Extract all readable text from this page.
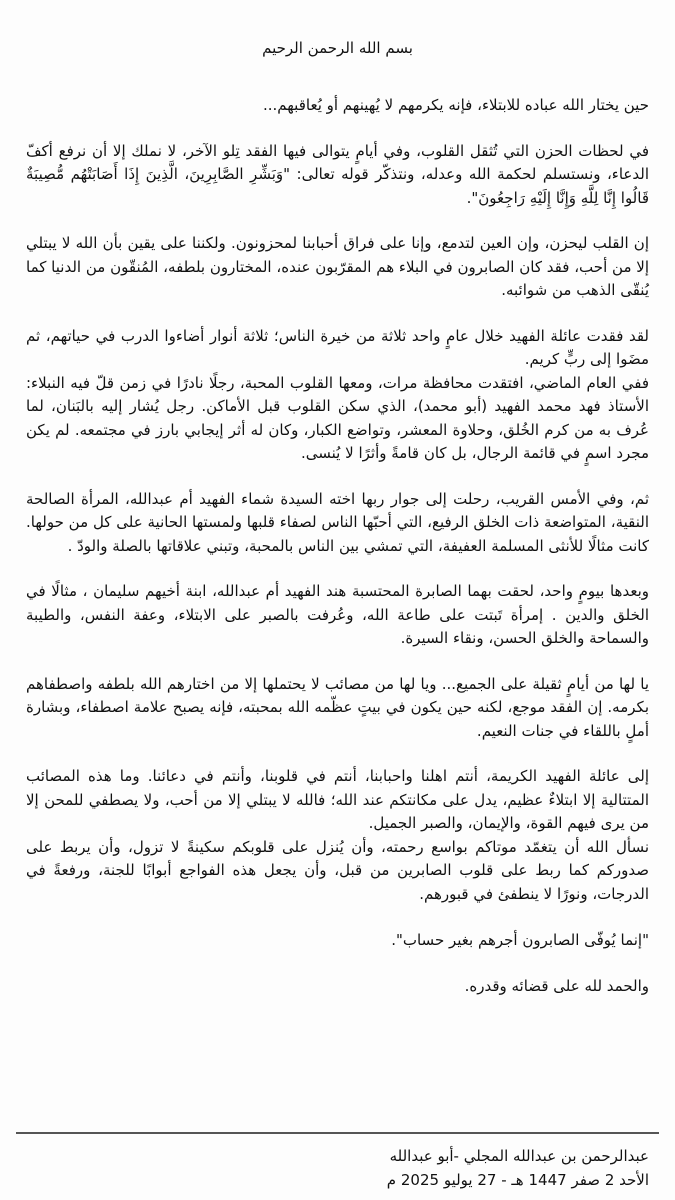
بسم الله الرحمن الرحيم

حين يختار الله عباده للابتلاء، فإنه يكرمهم لا يُهينهم أو يُعاقبهم...

في لحظات الحزن التي تُثقل القلوب، وفي أيامٍ يتوالى فيها الفقد تِلو الآخر، لا نملك إلا أن نرفع أكفّ الدعاء، ونستسلم لحكمة الله وعدله، ونتذكّر قوله تعالى: "وَبَشِّرِ الصَّابِرِينَ، الَّذِينَ إِذَا أَصَابَتْهُم مُّصِيبَةٌ قَالُوا إِنَّا لِلَّهِ وَإِنَّا إِلَيْهِ رَاجِعُونَ".

إن القلب ليحزن، وإن العين لتدمع، وإنا على فراق أحبابنا لمحزونون. ولكننا على يقين بأن الله لا يبتلي إلا من أحب، فقد كان الصابرون في البلاء هم المقرّبون عنده، المختارون بلطفه، المُنقّون من الدنيا كما يُنقّى الذهب من شوائبه.

لقد فقدت عائلة الفهيد خلال عامٍ واحد ثلاثة من خيرة الناس؛ ثلاثة أنوار أضاءوا الدرب في حياتهم، ثم مضَوا إلى ربٍّ كريم.
ففي العام الماضي، افتقدت محافظة مرات، ومعها القلوب المحبة، رجلًا نادرًا في زمن قلّ فيه النبلاء: الأستاذ فهد محمد الفهيد (أبو محمد)، الذي سكن القلوب قبل الأماكن. رجل يُشار إليه بالبَنان، لما عُرف به من كرم الخُلق، وحلاوة المعشر، وتواضع الكبار، وكان له أثر إيجابي بارز في مجتمعه. لم يكن مجرد اسمٍ في قائمة الرجال، بل كان قامةً وأثرًا لا يُنسى.

ثم، وفي الأمس القريب، رحلت إلى جوار ربها اخته السيدة شماء الفهيد أم عبدالله، المرأة الصالحة النقية، المتواضعة ذات الخلق الرفيع، التي أحبّها الناس لصفاء قلبها ولمستها الحانية على كل من حولها. كانت مثالًا للأنثى المسلمة العفيفة، التي تمشي بين الناس بالمحبة، وتبني علاقاتها بالصلة والودّ .

وبعدها بيومٍ واحد، لحقت بهما الصابرة المحتسبة هند الفهيد أم عبدالله، ابنة أخيهم سليمان ، مثالًا في الخلق والدين . إمرأة تَبتت على طاعة الله، وعُرفت بالصبر على الابتلاء، وعفة النفس، والطيبة والسماحة والخلق الحسن، ونقاء السيرة.

يا لها من أيامٍ ثقيلة على الجميع... ويا لها من مصائب لا يحتملها إلا من اختارهم الله بلطفه واصطفاهم بكرمه. إن الفقد موجع، لكنه حين يكون في بيتٍ عظّمه الله بمحبته، فإنه يصبح علامة اصطفاء، وبشارة أملٍ باللقاء في جنات النعيم.

إلى عائلة الفهيد الكريمة، أنتم اهلنا واحبابنا، أنتم في قلوبنا، وأنتم في دعائنا. وما هذه المصائب المتتالية إلا ابتلاءٌ عظيم، يدل على مكانتكم عند الله؛ فالله لا يبتلي إلا من أحب، ولا يصطفي للمحن إلا من يرى فيهم القوة، والإيمان، والصبر الجميل.
نسأل الله أن يتغمّد موتاكم بواسع رحمته، وأن يُنزل على قلوبكم سكينةً لا تزول، وأن يربط على صدوركم كما ربط على قلوب الصابرين من قبل، وأن يجعل هذه الفواجع أبوابًا للجنة، ورفعةً في الدرجات، ونورًا لا ينطفئ في قبورهم.

"إنما يُوفّى الصابرون أجرهم بغير حساب".

والحمد لله على قضائه وقدره.

عبدالرحمن بن عبدالله المجلي -أبو عبدالله
الأحد 2 صفر 1447 هـ - 27 يوليو 2025 م
